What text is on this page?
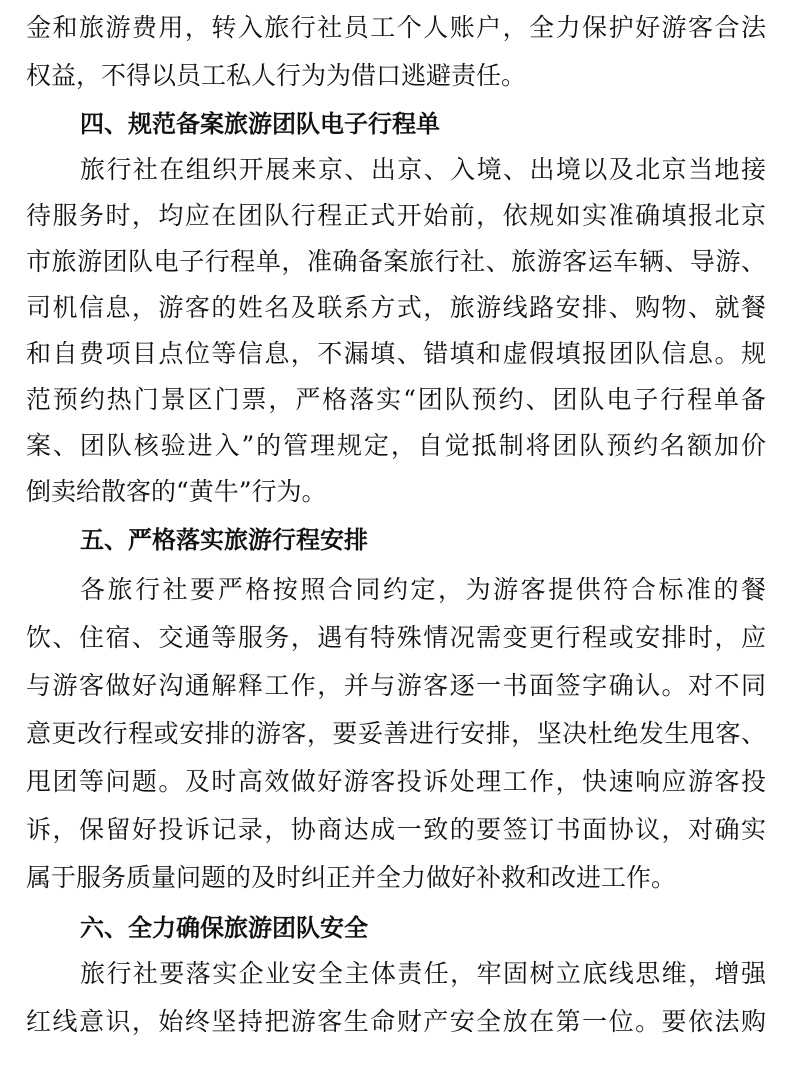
金和旅游费用，转入旅行社员工个人账户，全力保护好游客合法
权益，不得以员工私人行为为借口逃避责任。
四、规范备案旅游团队电子行程单
旅行社在组织开展来京、出京、入境、出境以及北京当地接
待服务时，均应在团队行程正式开始前，依规如实准确填报北京
市旅游团队电子行程单，准确备案旅行社、旅游客运车辆、导游、
司机信息，游客的姓名及联系方式，旅游线路安排、购物、就餐
和自费项目点位等信息，不漏填、错填和虚假填报团队信息。规
范预约热门景区门票，严格落实“团队预约、团队电子行程单备
案、团队核验进入”的管理规定，自觉抵制将团队预约名额加价
倒卖给散客的“黄牛”行为。
五、严格落实旅游行程安排
各旅行社要严格按照合同约定，为游客提供符合标准的餐
饮、住宿、交通等服务，遇有特殊情况需变更行程或安排时，应
与游客做好沟通解释工作，并与游客逐一书面签字确认。对不同
意更改行程或安排的游客，要妥善进行安排，坚决杜绝发生甩客、
甩团等问题。及时高效做好游客投诉处理工作，快速响应游客投
诉，保留好投诉记录，协商达成一致的要签订书面协议，对确实
属于服务质量问题的及时纠正并全力做好补救和改进工作。
六、全力确保旅游团队安全
旅行社要落实企业安全主体责任，牢固树立底线思维，增强
红线意识，始终坚持把游客生命财产安全放在第一位。要依法购
